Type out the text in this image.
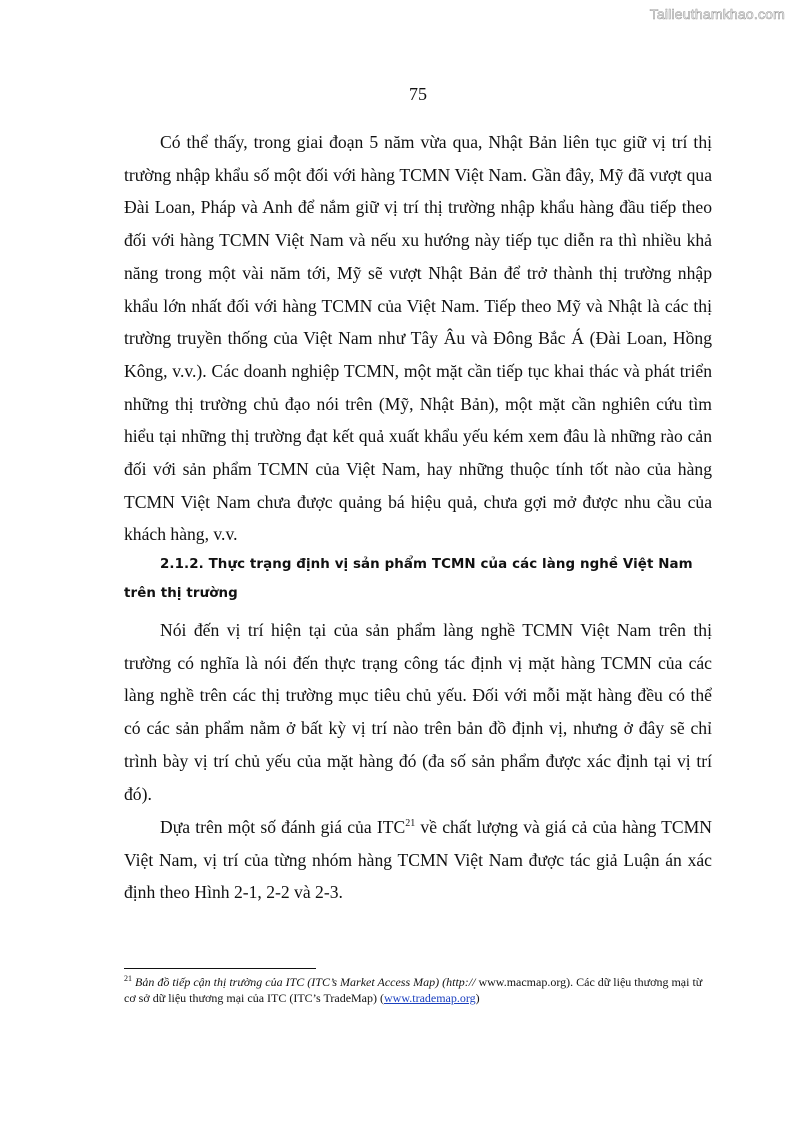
Tailieuthamkhao.com
75

Có thể thấy, trong giai đoạn 5 năm vừa qua, Nhật Bản liên tục giữ vị trí thị trường nhập khẩu số một đối với hàng TCMN Việt Nam. Gần đây, Mỹ đã vượt qua Đài Loan, Pháp và Anh để nắm giữ vị trí thị trường nhập khẩu hàng đầu tiếp theo đối với hàng TCMN Việt Nam và nếu xu hướng này tiếp tục diễn ra thì nhiều khả năng trong một vài năm tới, Mỹ sẽ vượt Nhật Bản để trở thành thị trường nhập khẩu lớn nhất đối với hàng TCMN của Việt Nam. Tiếp theo Mỹ và Nhật là các thị trường truyền thống của Việt Nam như Tây Âu và Đông Bắc Á (Đài Loan, Hồng Kông, v.v.). Các doanh nghiệp TCMN, một mặt cần tiếp tục khai thác và phát triển những thị trường chủ đạo nói trên (Mỹ, Nhật Bản), một mặt cần nghiên cứu tìm hiểu tại những thị trường đạt kết quả xuất khẩu yếu kém xem đâu là những rào cản đối với sản phẩm TCMN của Việt Nam, hay những thuộc tính tốt nào của hàng TCMN Việt Nam chưa được quảng bá hiệu quả, chưa gợi mở được nhu cầu của khách hàng, v.v.

2.1.2. Thực trạng định vị sản phẩm TCMN của các làng nghề Việt Nam trên thị trường

Nói đến vị trí hiện tại của sản phẩm làng nghề TCMN Việt Nam trên thị trường có nghĩa là nói đến thực trạng công tác định vị mặt hàng TCMN của các làng nghề trên các thị trường mục tiêu chủ yếu. Đối với mỗi mặt hàng đều có thể có các sản phẩm nằm ở bất kỳ vị trí nào trên bản đồ định vị, nhưng ở đây sẽ chỉ trình bày vị trí chủ yếu của mặt hàng đó (đa số sản phẩm được xác định tại vị trí đó).

Dựa trên một số đánh giá của ITC$^{21}$ về chất lượng và giá cả của hàng TCMN Việt Nam, vị trí của từng nhóm hàng TCMN Việt Nam được tác giả Luận án xác định theo Hình 2-1, 2-2 và 2-3.

$^{21}$ Bản đồ tiếp cận thị trường của ITC (ITC’s Market Access Map) (http:// www.macmap.org). Các dữ liệu thương mại từ cơ sở dữ liệu thương mại của ITC (ITC’s TradeMap) (www.trademap.org)
